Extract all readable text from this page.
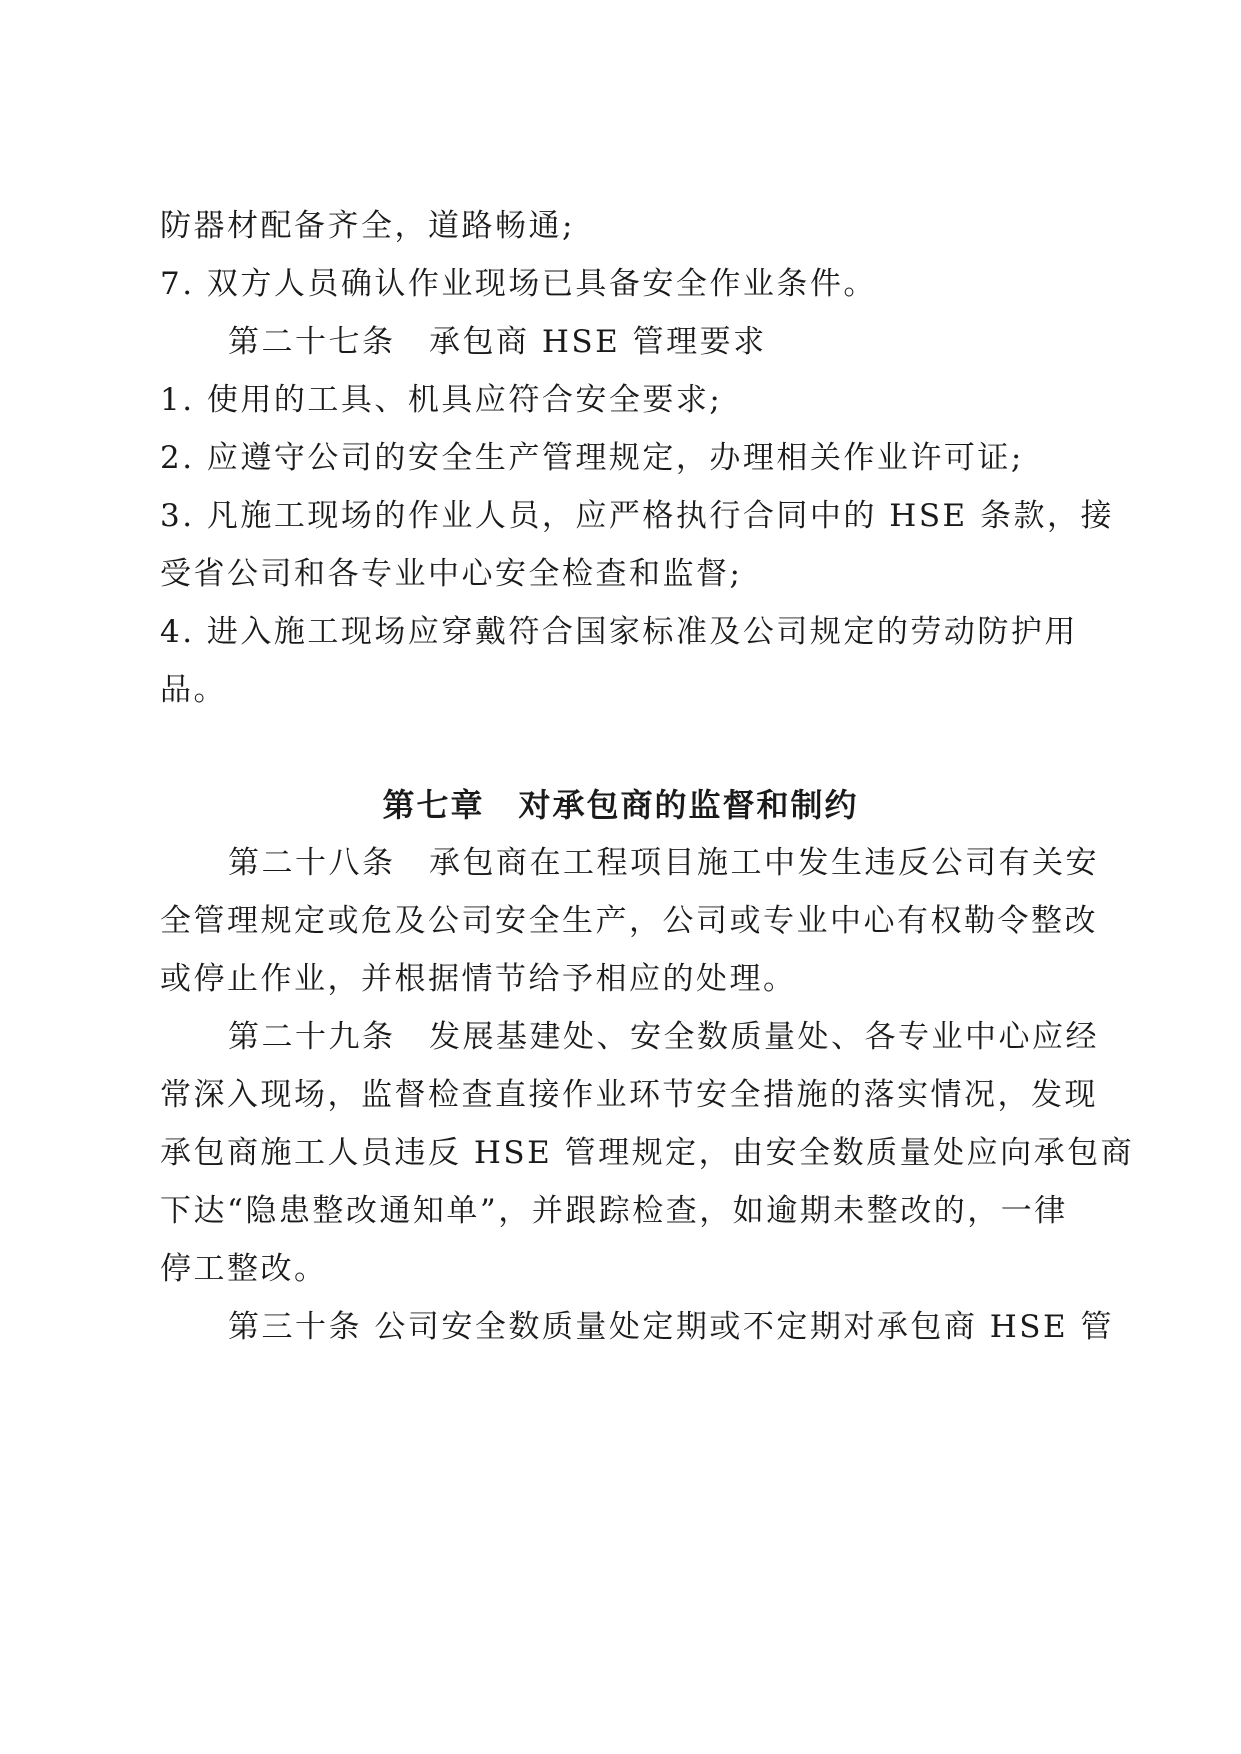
防器材配备齐全，道路畅通;
7. 双方人员确认作业现场已具备安全作业条件。
第二十七条　承包商 HSE 管理要求
1. 使用的工具、机具应符合安全要求;
2. 应遵守公司的安全生产管理规定，办理相关作业许可证;
3. 凡施工现场的作业人员，应严格执行合同中的 HSE 条款，接
受省公司和各专业中心安全检查和监督;
4. 进入施工现场应穿戴符合国家标准及公司规定的劳动防护用
品。
第七章　对承包商的监督和制约
第二十八条　承包商在工程项目施工中发生违反公司有关安
全管理规定或危及公司安全生产，公司或专业中心有权勒令整改
或停止作业，并根据情节给予相应的处理。
第二十九条　发展基建处、安全数质量处、各专业中心应经
常深入现场，监督检查直接作业环节安全措施的落实情况，发现
承包商施工人员违反 HSE 管理规定，由安全数质量处应向承包商
下达“隐患整改通知单”，并跟踪检查，如逾期未整改的，一律
停工整改。
第三十条 公司安全数质量处定期或不定期对承包商 HSE 管
